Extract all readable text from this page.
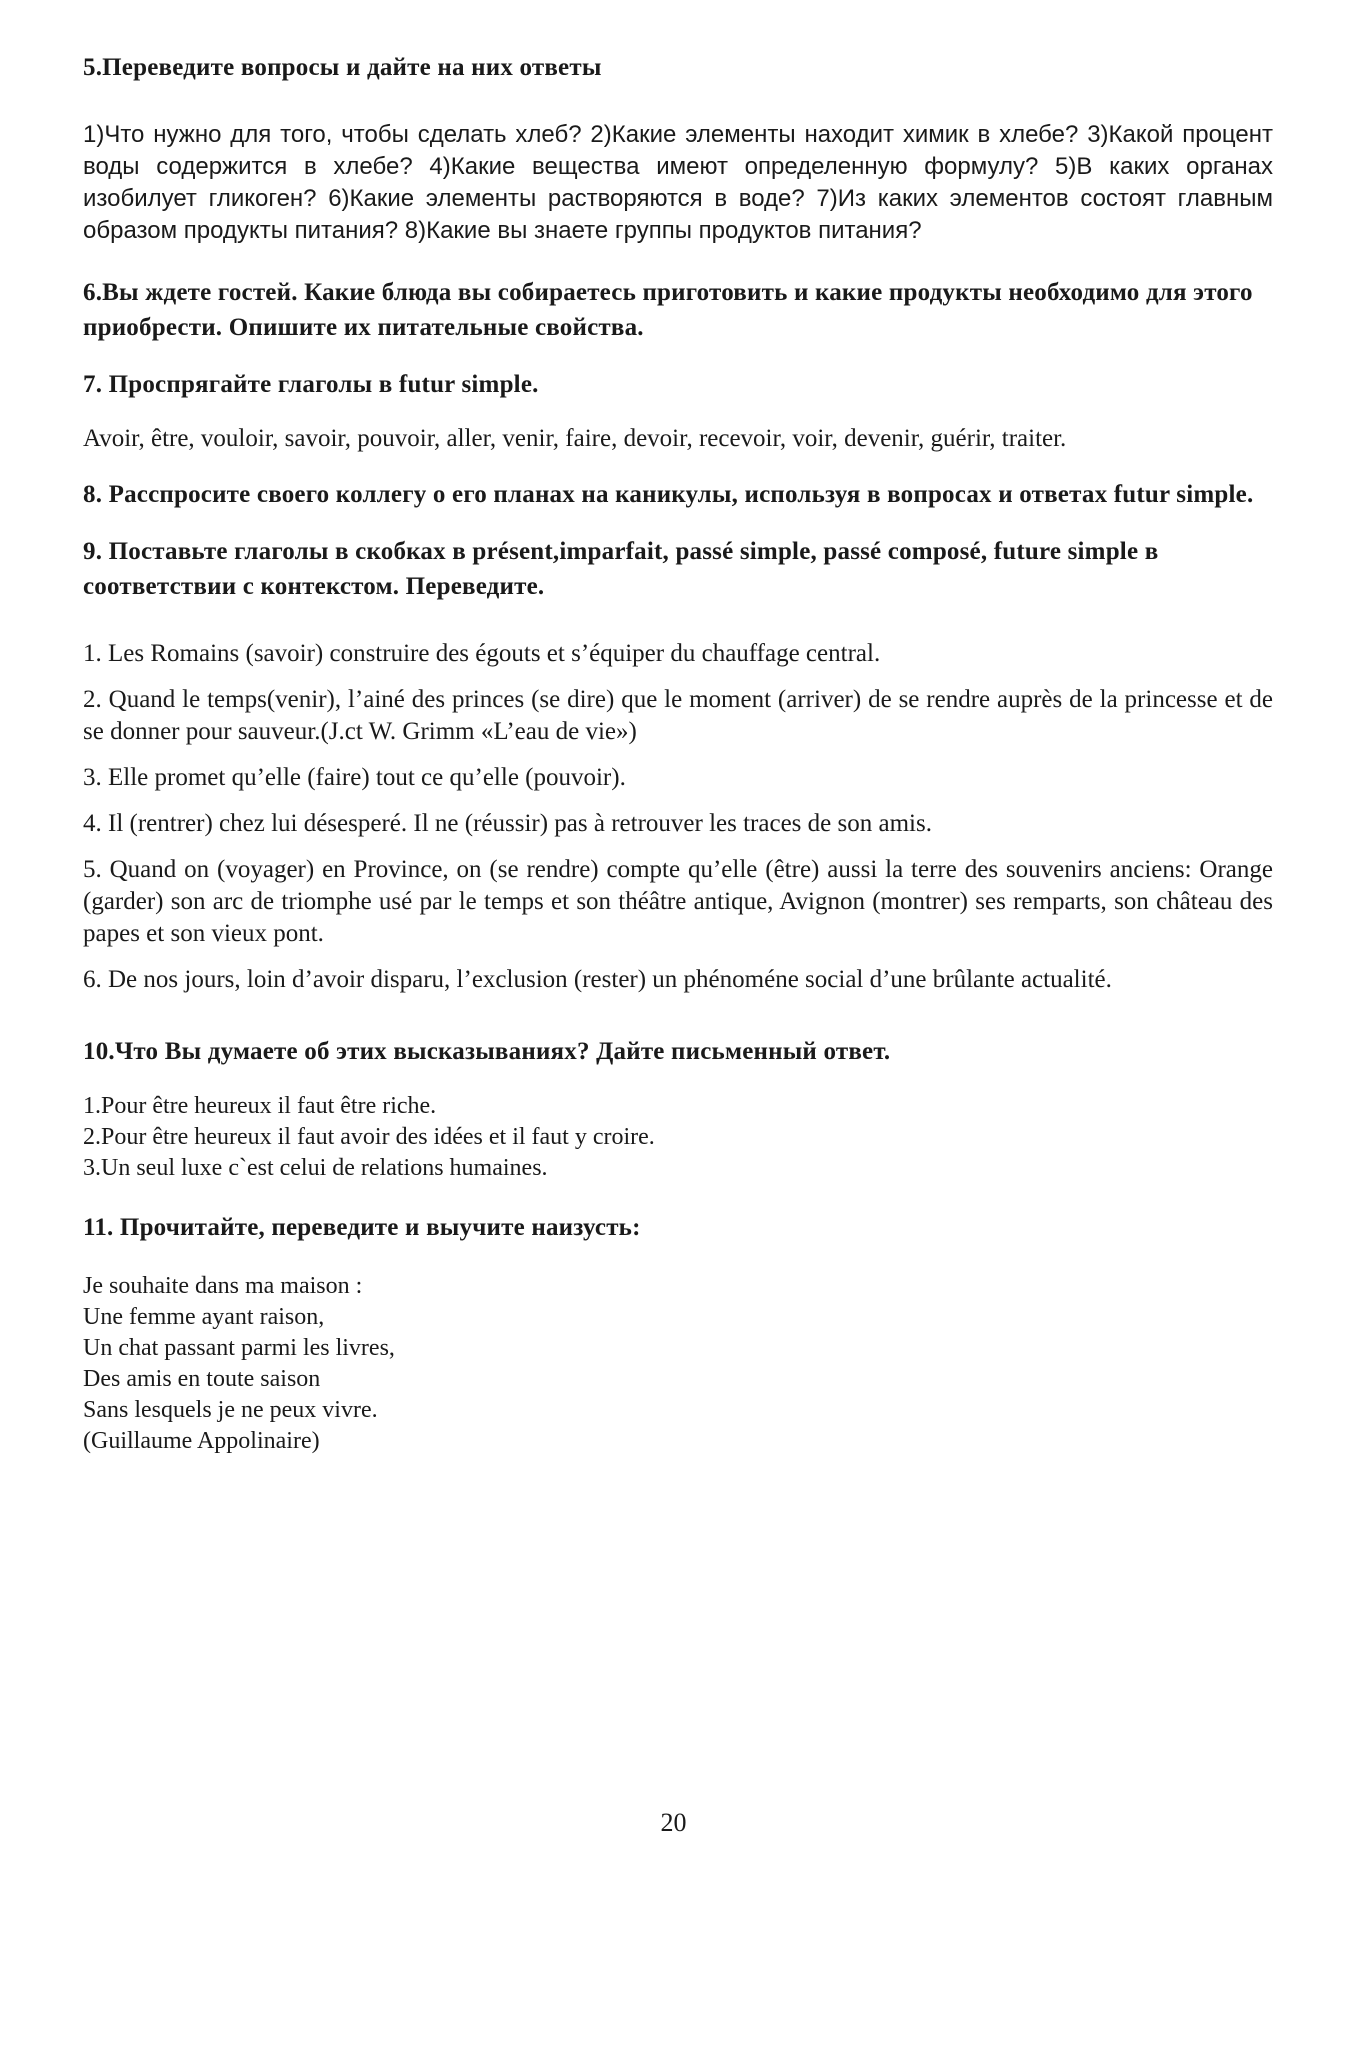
5.Переведите вопросы и дайте на них ответы

1)Что нужно для того, чтобы сделать хлеб? 2)Какие элементы находит химик в хлебе? 3)Какой процент воды содержится в хлебе? 4)Какие вещества имеют определенную формулу? 5)В каких органах изобилует гликоген? 6)Какие элементы растворяются в воде? 7)Из каких элементов состоят главным образом продукты питания? 8)Какие вы знаете группы продуктов питания?

6.Вы ждете гостей. Какие блюда вы собираетесь приготовить и какие продукты необходимо для этого приобрести. Опишите их питательные свойства.
7. Проспрягайте глаголы в futur simple.

Avoir, être, vouloir, savoir, pouvoir, aller, venir, faire, devoir, recevoir, voir, devenir, guérir, traiter.

8. Расспросите своего коллегу о его планах на каникулы, используя в вопросах и ответах futur simple.
9. Поставьте глаголы в скобках в présent,imparfait, passé simple, passé composé, future simple в соответствии с контекстом. Переведите.

1. Les Romains (savoir) construire des égouts et s’équiper du chauffage central.

2. Quand le temps(venir), l’ainé des princes (se dire) que le moment (arriver) de se rendre auprès de la princesse et de se donner pour sauveur.(J.ct W. Grimm «L’eau de vie»)

3. Elle promet qu’elle (faire) tout ce qu’elle (pouvoir).

4. Il (rentrer) chez lui désesperé. Il ne (réussir) pas à retrouver les traces de son amis.

5. Quand on (voyager) en Province, on (se rendre) compte qu’elle (être) aussi la terre des souvenirs anciens: Orange (garder) son arc de triomphe usé par le temps et son théâtre antique, Avignon (montrer) ses remparts, son château des papes et son vieux pont.

6. De nos jours, loin d’avoir disparu, l’exclusion (rester) un phénoméne social d’une brûlante actualité.

10.Что Вы думаете об этих высказываниях? Дайте письменный ответ.

1.Pour être heureux il faut être riche.

2.Pour être heureux il faut avoir des idées et il faut y croire.

3.Un seul luxe c`est celui de relations humaines.

11. Прочитайте, переведите и выучите наизусть:

Je souhaite dans ma maison :

Une femme ayant raison,

Un chat passant parmi les livres,

Des amis en toute saison

Sans lesquels je ne peux vivre.

(Guillaume Appolinaire)

20
